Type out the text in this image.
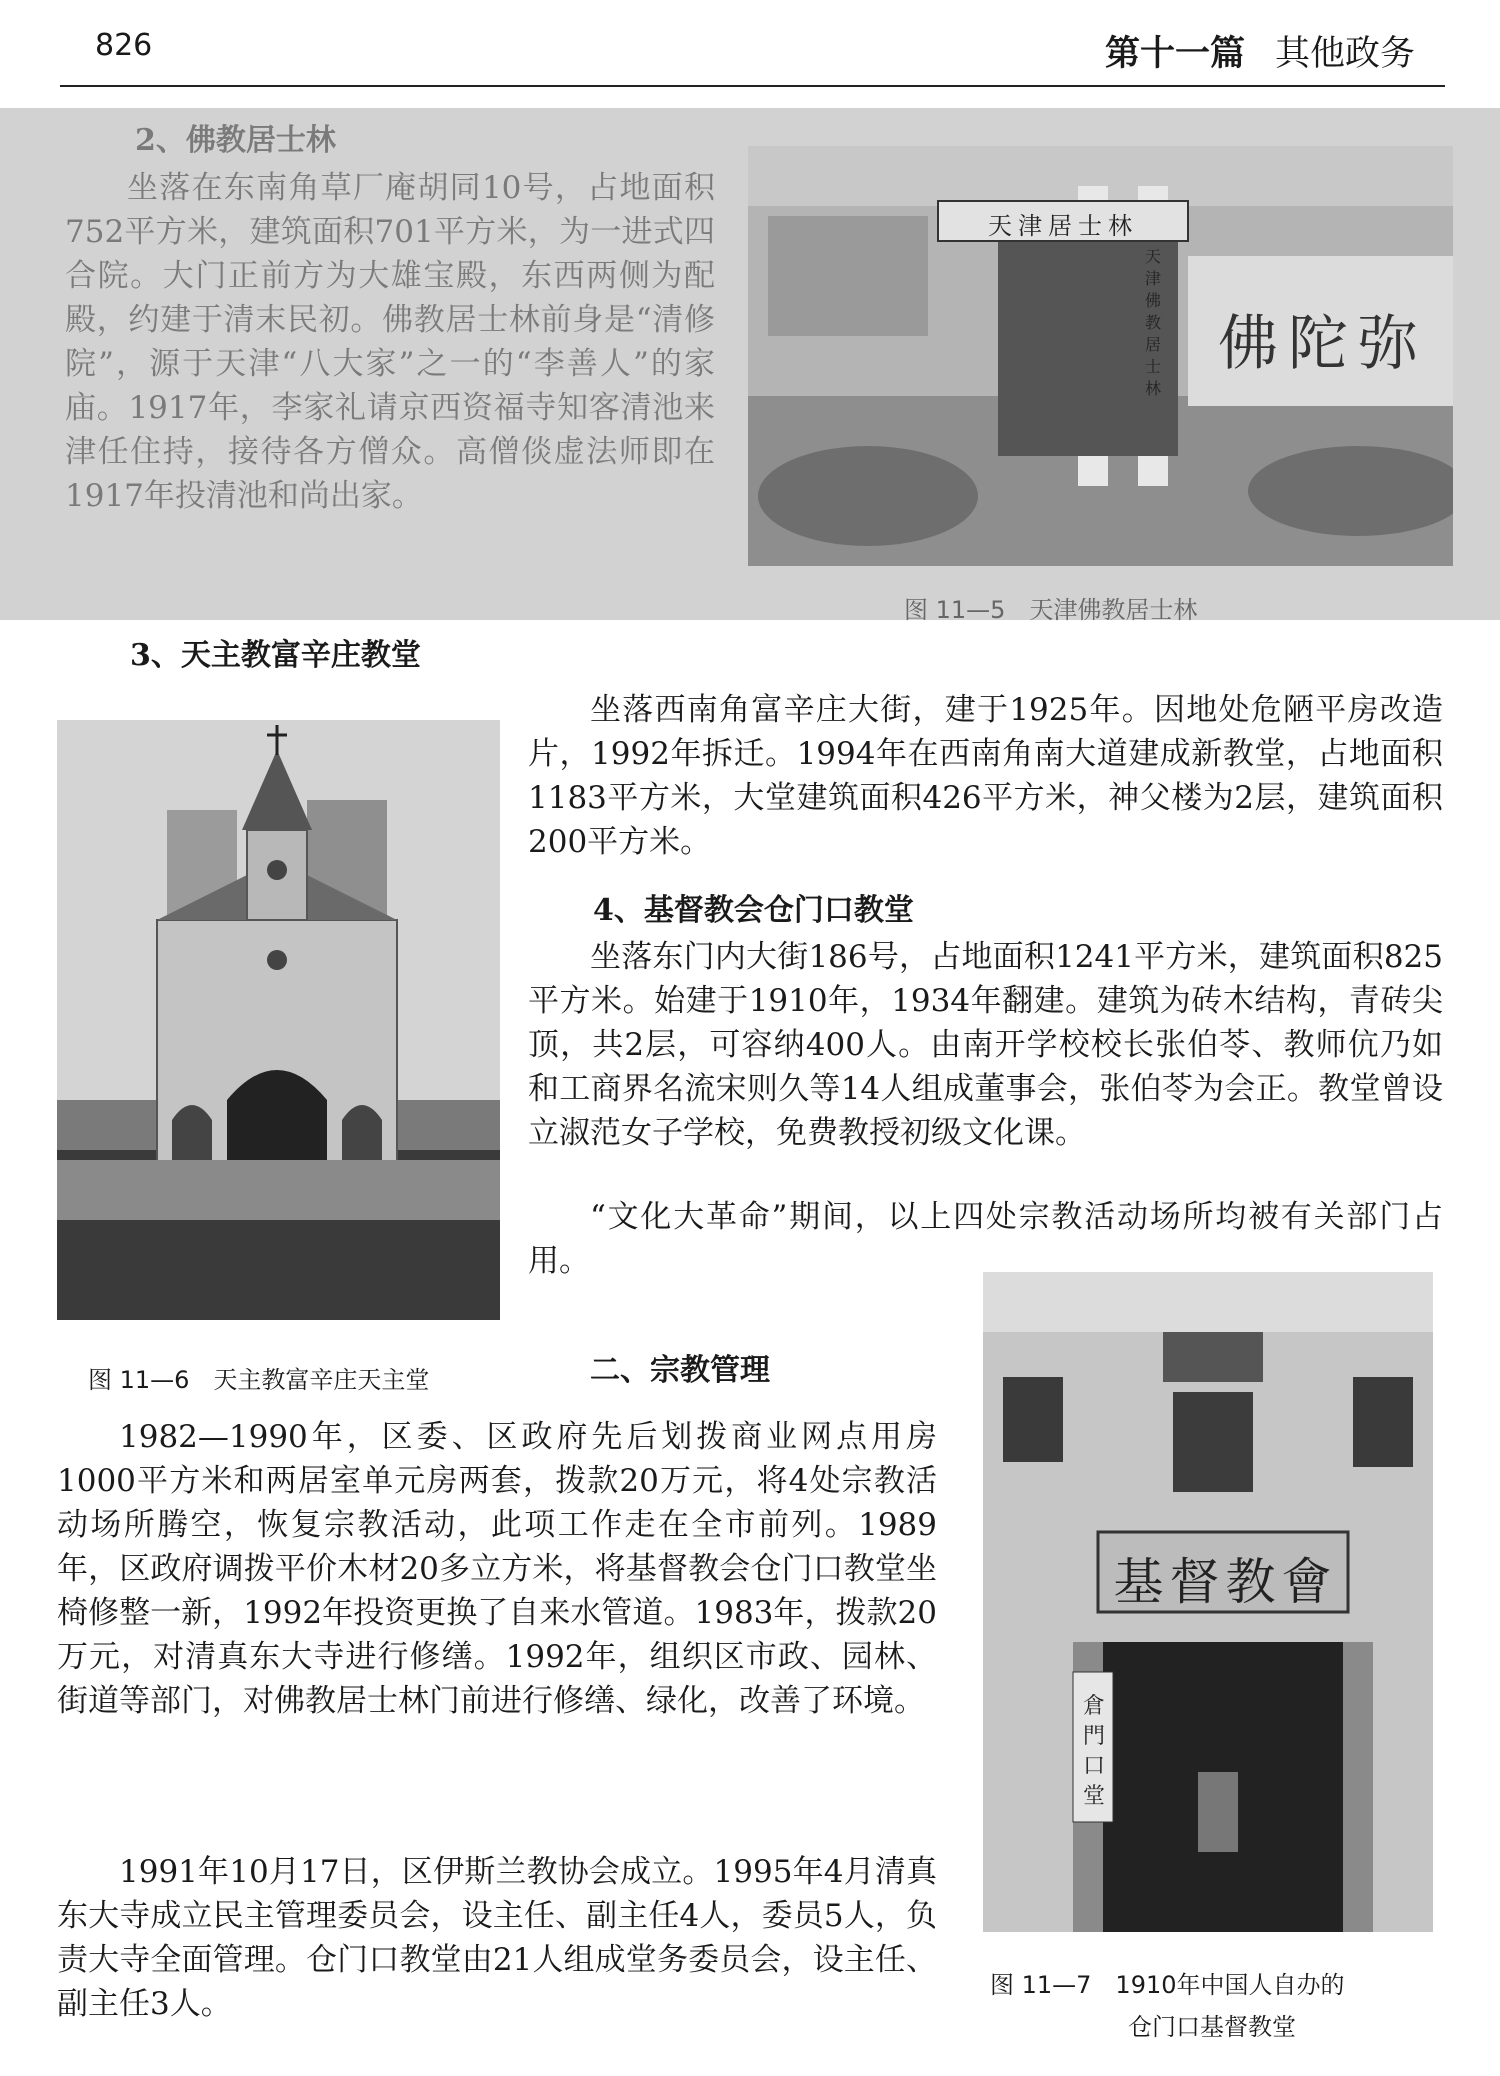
826	第十一篇 其他政务
2、佛教居士林
坐落在东南角草厂庵胡同10号，占地面积752平方米，建筑面积701平方米，为一进式四合院。大门正前方为大雄宝殿，东西两侧为配殿，约建于清末民初。佛教居士林前身是“清修院”，源于天津“八大家”之一的“李善人”的家庙。1917年，李家礼请京西资福寺知客清池来津任住持，接待各方僧众。高僧倓虚法师即在1917年投清池和尚出家。
天津居士林
天津佛教居士林
佛陀弥
图 11—5　天津佛教居士林
3、天主教富辛庄教堂
图 11—6　天主教富辛庄天主堂
坐落西南角富辛庄大街，建于1925年。因地处危陋平房改造片，1992年拆迁。1994年在西南角南大道建成新教堂，占地面积1183平方米，大堂建筑面积426平方米，神父楼为2层，建筑面积200平方米。
4、基督教会仓门口教堂
坐落东门内大街186号，占地面积1241平方米，建筑面积825平方米。始建于1910年，1934年翻建。建筑为砖木结构，青砖尖顶，共2层，可容纳400人。由南开学校校长张伯苓、教师伉乃如和工商界名流宋则久等14人组成董事会，张伯苓为会正。教堂曾设立淑范女子学校，免费教授初级文化课。
“文化大革命”期间，以上四处宗教活动场所均被有关部门占用。
二、宗教管理
1982—1990年，区委、区政府先后划拨商业网点用房1000平方米和两居室单元房两套，拨款20万元，将4处宗教活动场所腾空，恢复宗教活动，此项工作走在全市前列。1989年，区政府调拨平价木材20多立方米，将基督教会仓门口教堂坐椅修整一新，1992年投资更换了自来水管道。1983年，拨款20万元，对清真东大寺进行修缮。1992年，组织区市政、园林、街道等部门，对佛教居士林门前进行修缮、绿化，改善了环境。
1991年10月17日，区伊斯兰教协会成立。1995年4月清真东大寺成立民主管理委员会，设主任、副主任4人，委员5人，负责大寺全面管理。仓门口教堂由21人组成堂务委员会，设主任、副主任3人。
基督教會
倉門口堂
图 11—7　1910年中国人自办的
仓门口基督教堂
